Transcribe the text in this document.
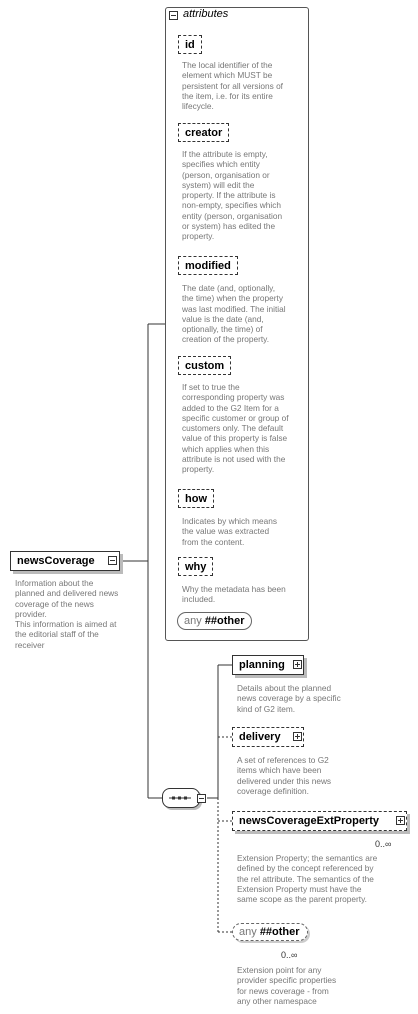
attributes
id
The local identifier of the
element which MUST be
persistent for all versions of
the item, i.e. for its entire
lifecycle.
creator
If the attribute is empty,
specifies which entity
(person, organisation or
system) will edit the
property. If the attribute is
non-empty, specifies which
entity (person, organisation
or system) has edited the
property.
modified
The date (and, optionally,
the time) when the property
was last modified. The initial
value is the date (and,
optionally, the time) of
creation of the property.
custom
If set to true the
corresponding property was
added to the G2 Item for a
specific customer or group of
customers only. The default
value of this property is false
which applies when this
attribute is not used with the
property.
how
Indicates by which means
the value was extracted
from the content.
why
Why the metadata has been
included.
any ##other
newsCoverage
Information about the
planned and delivered news
coverage of the news
provider.
This information is aimed at
the editorial staff of the
receiver
planning
Details about the planned
news coverage by a specific
kind of G2 item.
delivery
A set of references to G2
items which have been
delivered under this news
coverage definition.
newsCoverageExtProperty
0..∞
Extension Property; the semantics are
defined by the concept referenced by
the rel attribute. The semantics of the
Extension Property must have the
same scope as the parent property.
any ##other
0..∞
Extension point for any
provider specific properties
for news coverage - from
any other namespace
